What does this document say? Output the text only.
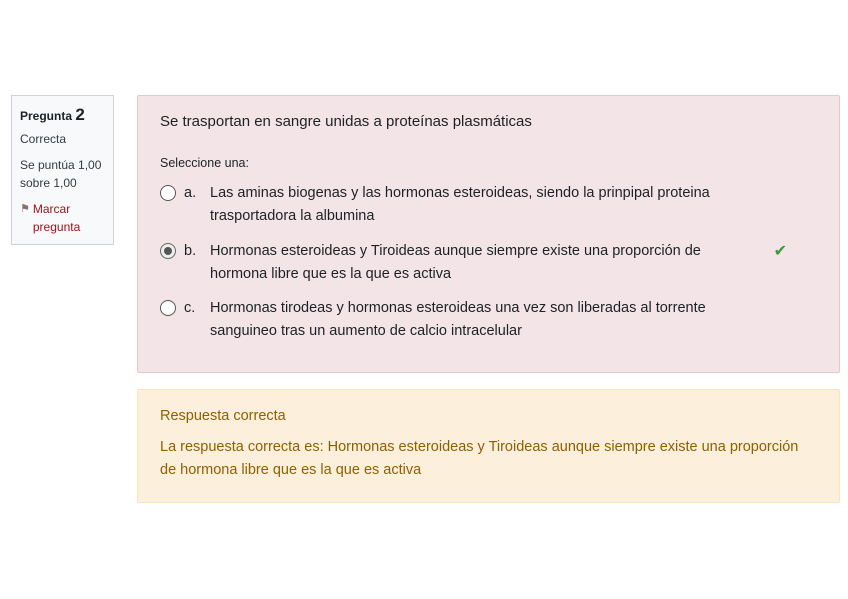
Pregunta 2
Correcta
Se puntúa 1,00 sobre 1,00
⚑ Marcar pregunta
Se trasportan en sangre unidas a proteínas plasmáticas
Seleccione una:
a. Las aminas biogenas y las hormonas esteroideas, siendo la prinpipal proteina trasportadora la albumina
b. Hormonas esteroideas y Tiroideas aunque siempre existe una proporción de hormona libre que es la que es activa
✔
c.	Hormonas tirodeas y hormonas esteroideas una vez son liberadas al torrente sanguineo tras un aumento de calcio intracelular
Respuesta correcta
La respuesta correcta es: Hormonas esteroideas y Tiroideas aunque siempre existe una proporción de hormona libre que es la que es activa
